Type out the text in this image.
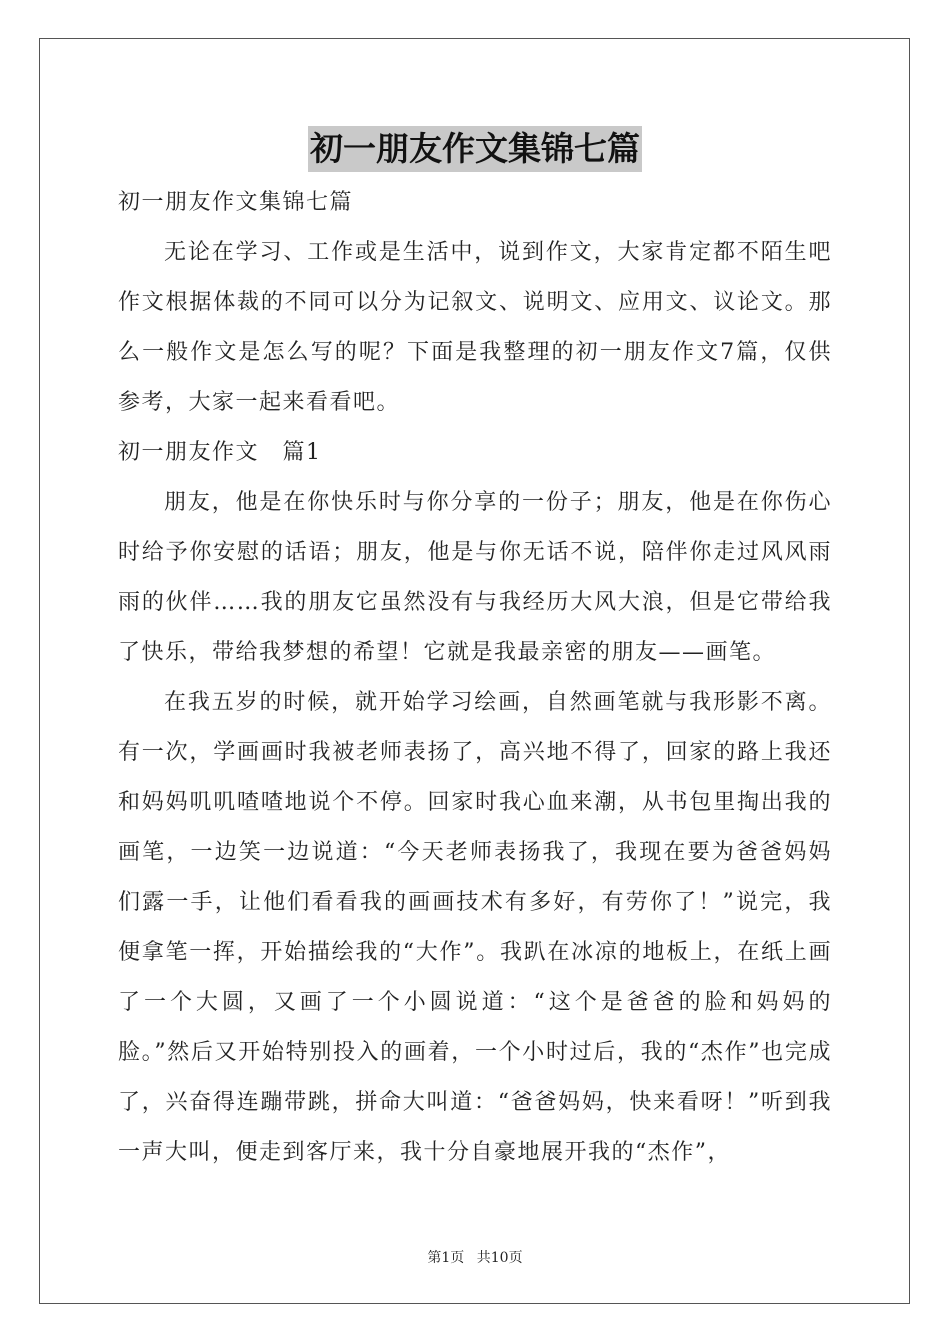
初一朋友作文集锦七篇

初一朋友作文集锦七篇

无论在学习、工作或是生活中，说到作文，大家肯定都不陌生吧作文根据体裁的不同可以分为记叙文、说明文、应用文、议论文。那么一般作文是怎么写的呢？下面是我整理的初一朋友作文7篇，仅供参考，大家一起来看看吧。

初一朋友作文　篇1

朋友，他是在你快乐时与你分享的一份子；朋友，他是在你伤心时给予你安慰的话语；朋友，他是与你无话不说，陪伴你走过风风雨雨的伙伴……我的朋友它虽然没有与我经历大风大浪，但是它带给我了快乐，带给我梦想的希望！它就是我最亲密的朋友——画笔。

在我五岁的时候，就开始学习绘画，自然画笔就与我形影不离。有一次，学画画时我被老师表扬了，高兴地不得了，回家的路上我还和妈妈叽叽喳喳地说个不停。回家时我心血来潮，从书包里掏出我的画笔，一边笑一边说道：“今天老师表扬我了，我现在要为爸爸妈妈们露一手，让他们看看我的画画技术有多好，有劳你了！”说完，我便拿笔一挥，开始描绘我的“大作”。我趴在冰凉的地板上，在纸上画了一个大圆，又画了一个小圆说道：“这个是爸爸的脸和妈妈的脸。”然后又开始特别投入的画着，一个小时过后，我的“杰作”也完成了，兴奋得连蹦带跳，拼命大叫道：“爸爸妈妈，快来看呀！”听到我一声大叫，便走到客厅来，我十分自豪地展开我的“杰作”，

第1页 共10页
